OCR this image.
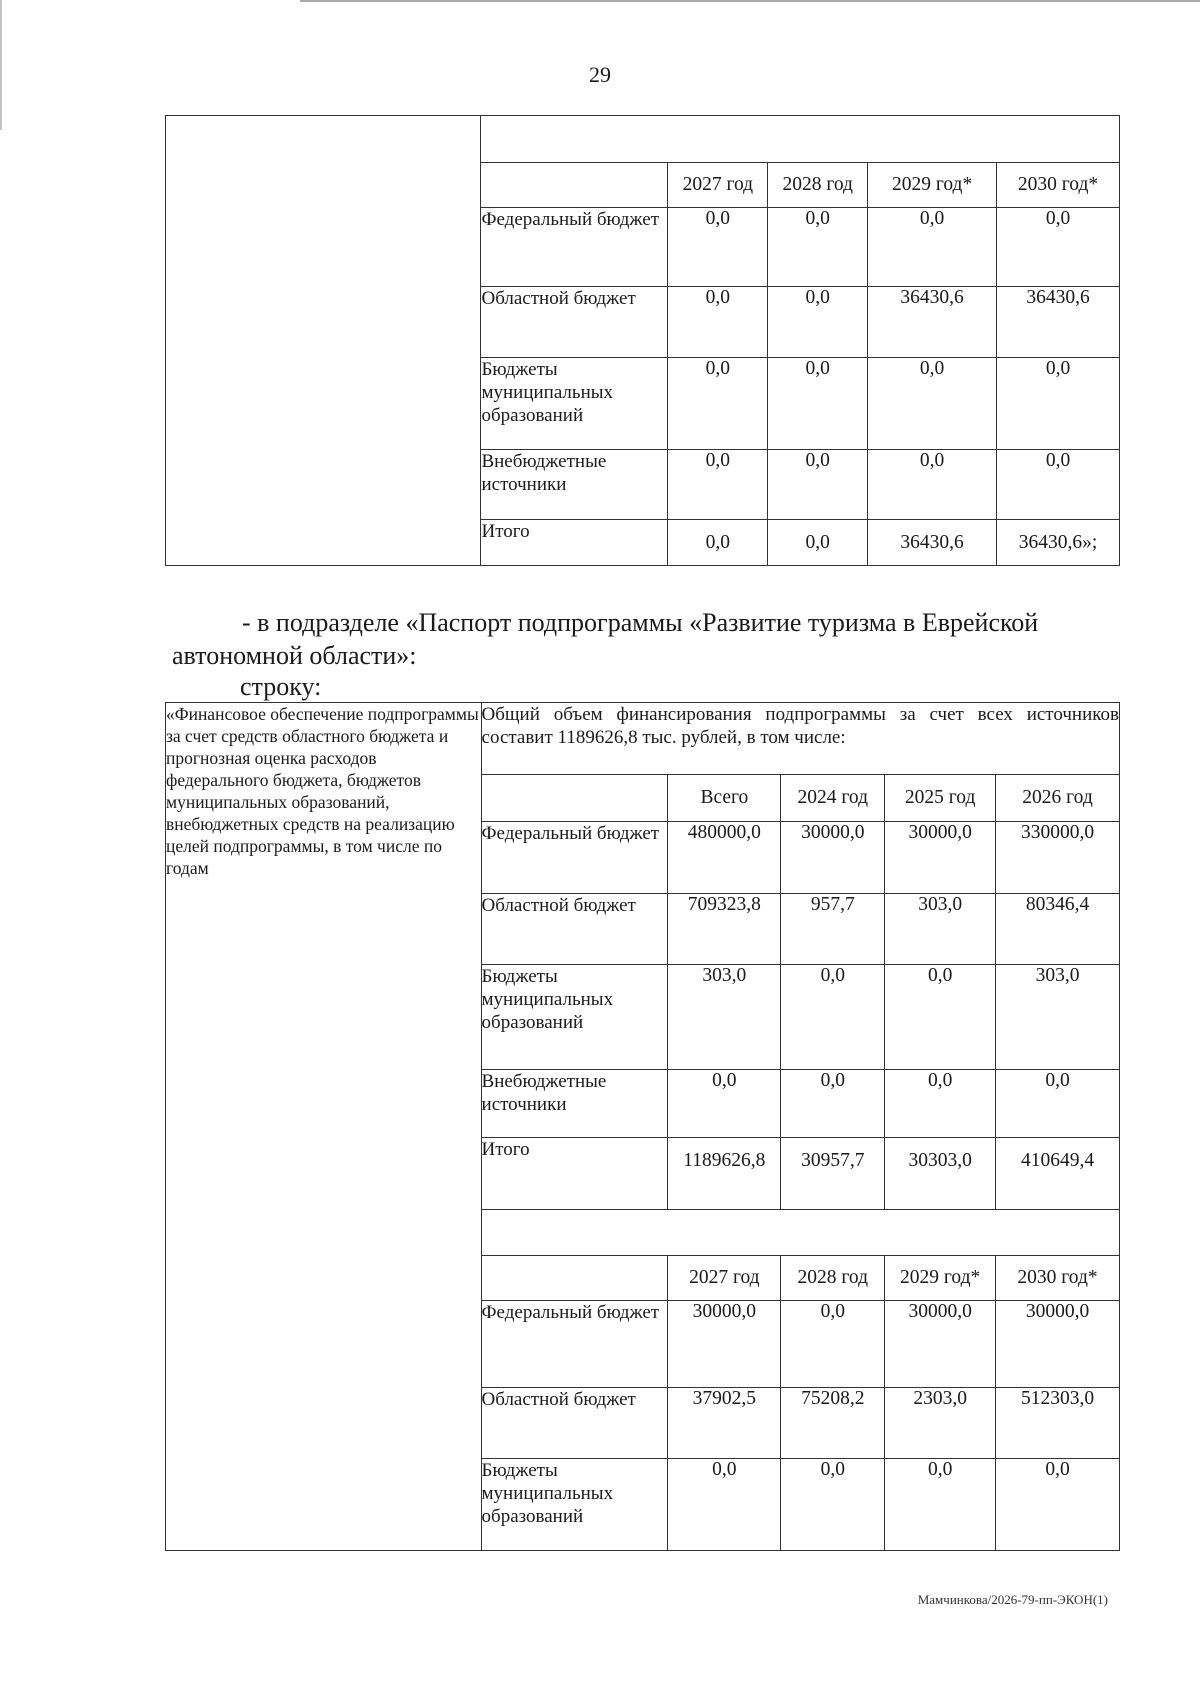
29

		2027 год	2028 год	2029 год*	2030 год*
	Федеральный бюджет	0,0	0,0	0,0	0,0
	Областной бюджет	0,0	0,0	36430,6	36430,6
	Бюджеты муниципальных образований	0,0	0,0	0,0	0,0
	Внебюджетные источники	0,0	0,0	0,0	0,0
	Итого	0,0	0,0	36430,6	36430,6»;
- в подразделе «Паспорт подпрограммы «Развитие туризма в Еврейской автономной области»:
строку:
«Финансовое обеспечение подпрограммы за счет средств областного бюджета и прогнозная оценка расходов федерального бюджета, бюджетов муниципальных образований, внебюджетных средств на реализацию целей подпрограммы, в том числе по годам	Общий объем финансирования подпрограммы за счет всех источников составит 1189626,8 тыс. рублей, в том числе:				
		Всего	2024 год	2025 год	2026 год
	Федеральный бюджет	480000,0	30000,0	30000,0	330000,0
	Областной бюджет	709323,8	957,7	303,0	80346,4
	Бюджеты муниципальных образований	303,0	0,0	0,0	303,0
	Внебюджетные источники	0,0	0,0	0,0	0,0
	Итого	1189626,8	30957,7	30303,0	410649,4

		2027 год	2028 год	2029 год*	2030 год*
	Федеральный бюджет	30000,0	0,0	30000,0	30000,0
	Областной бюджет	37902,5	75208,2	2303,0	512303,0
	Бюджеты муниципальных образований	0,0	0,0	0,0	0,0
Мамчинкова/2026-79-пп-ЭКОН(1)
